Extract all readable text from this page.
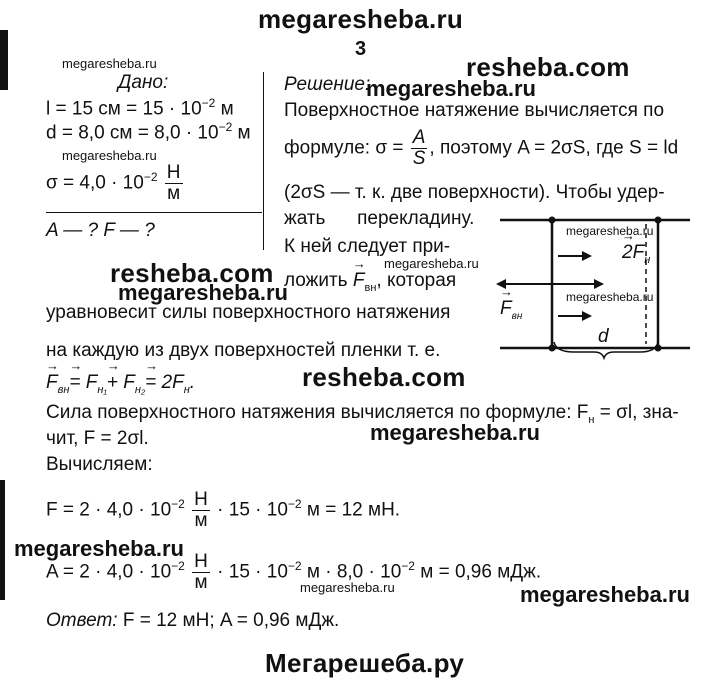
megaresheba.ru
3
megaresheba.ru	resheba.com
megaresheba.ru
Дано:
l = 15 см = $15 \cdot 10^{-2}$ м
d = 8,0 см = $8,0 \cdot 10^{-2}$ м
megaresheba.ru
$\sigma = 4,0 \cdot 10^{-2} \frac{Н}{м}$
A — ? F — ?
Решение:
Поверхностное натяжение вычисляется по
формуле: $\sigma = \frac{A}{S}$ , поэтому A = 2σS, где S = ld
(2σS — т. к. две поверхности). Чтобы удер-
жать      перекладину.
К ней следует при-
megaresheba.ru
resheba.com
megaresheba.ru
ложить → $F_{вн}$, которая
уравновесит силы поверхностного натяжения
на каждую из двух поверхностей пленки т. е.
→ $F_{вн}\to = F_{н_1}\to + F_{н_2}\to = 2F_н$.	resheba.com
Сила поверхностного натяжения вычисляется по формуле: $F_н = \sigma l$, зна-
чит, F = 2σl.	megaresheba.ru
Вычисляем:
$F = 2 \cdot 4,0 \cdot 10^{-2} \frac{Н}{м} \cdot 15 \cdot 10^{-2}$ м = 12 мН.
megaresheba.ru
$A = 2 \cdot 4,0 \cdot 10^{-2} \frac{Н}{м} \cdot 15 \cdot 10^{-2}$ $м \cdot 8,0 \cdot 10^{-2}$ м = 0,96 мДж.
megaresheba.ru	megaresheba.ru
Ответ: F = 12 мН; A = 0,96 мДж.
Мегарешеба.ру
megaresheba.ru
→ $2F_н$
megaresheba.ru
→ $F_{вн}$
d
